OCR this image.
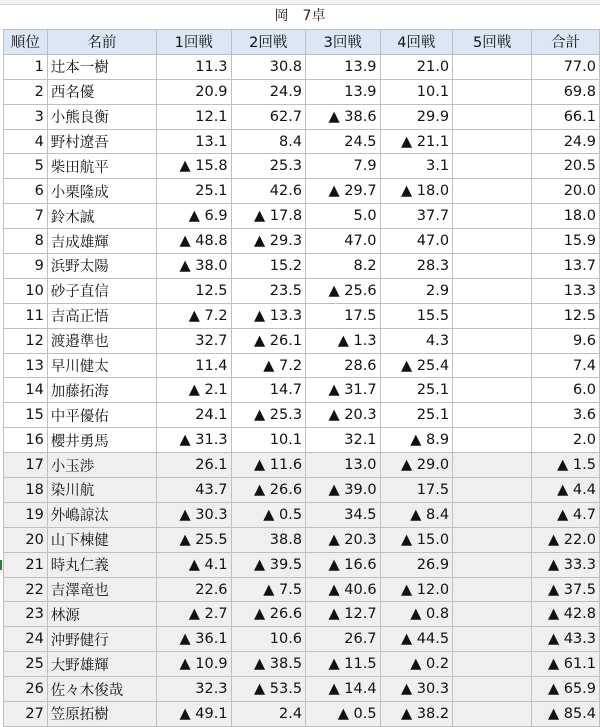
岡　7卓
順位	名前	1回戦	2回戦	3回戦	4回戦	5回戦	合計
1	辻本一樹	11.3	30.8	13.9	21.0		77.0
2	西名優	20.9	24.9	13.9	10.1		69.8
3	小熊良衡	12.1	62.7	▲ 38.6	29.9		66.1
4	野村遼吾	13.1	8.4	24.5	▲ 21.1		24.9
5	柴田航平	▲ 15.8	25.3	7.9	3.1		20.5
6	小栗隆成	25.1	42.6	▲ 29.7	▲ 18.0		20.0
7	鈴木誠	▲ 6.9	▲ 17.8	5.0	37.7		18.0
8	吉成雄輝	▲ 48.8	▲ 29.3	47.0	47.0		15.9
9	浜野太陽	▲ 38.0	15.2	8.2	28.3		13.7
10	砂子直信	12.5	23.5	▲ 25.6	2.9		13.3
11	吉高正悟	▲ 7.2	▲ 13.3	17.5	15.5		12.5
12	渡邉準也	32.7	▲ 26.1	▲ 1.3	4.3		9.6
13	早川健太	11.4	▲ 7.2	28.6	▲ 25.4		7.4
14	加藤拓海	▲ 2.1	14.7	▲ 31.7	25.1		6.0
15	中平優佑	24.1	▲ 25.3	▲ 20.3	25.1		3.6
16	櫻井勇馬	▲ 31.3	10.1	32.1	▲ 8.9		2.0
17	小玉渉	26.1	▲ 11.6	13.0	▲ 29.0		▲ 1.5
18	染川航	43.7	▲ 26.6	▲ 39.0	17.5		▲ 4.4
19	外嶋諒汰	▲ 30.3	▲ 0.5	34.5	▲ 8.4		▲ 4.7
20	山下棟健	▲ 25.5	38.8	▲ 20.3	▲ 15.0		▲ 22.0
21	時丸仁義	▲ 4.1	▲ 39.5	▲ 16.6	26.9		▲ 33.3
22	吉澤竜也	22.6	▲ 7.5	▲ 40.6	▲ 12.0		▲ 37.5
23	林源	▲ 2.7	▲ 26.6	▲ 12.7	▲ 0.8		▲ 42.8
24	沖野健行	▲ 36.1	10.6	26.7	▲ 44.5		▲ 43.3
25	大野雄輝	▲ 10.9	▲ 38.5	▲ 11.5	▲ 0.2		▲ 61.1
26	佐々木俊哉	32.3	▲ 53.5	▲ 14.4	▲ 30.3		▲ 65.9
27	笠原拓樹	▲ 49.1	2.4	▲ 0.5	▲ 38.2		▲ 85.4
